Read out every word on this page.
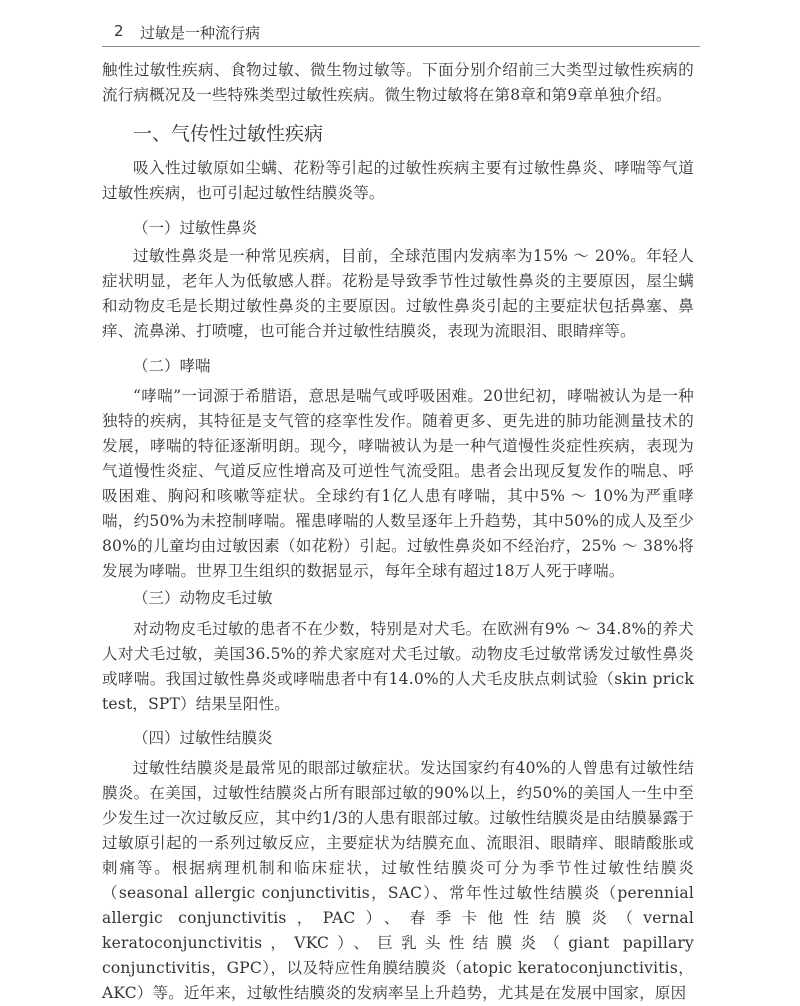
2 过敏是一种流行病

触性过敏性疾病、食物过敏、微生物过敏等。下面分别介绍前三大类型过敏性疾病的流行病概况及一些特殊类型过敏性疾病。微生物过敏将在第8章和第9章单独介绍。

一、气传性过敏性疾病

吸入性过敏原如尘螨、花粉等引起的过敏性疾病主要有过敏性鼻炎、哮喘等气道过敏性疾病，也可引起过敏性结膜炎等。

（一）过敏性鼻炎

过敏性鼻炎是一种常见疾病，目前，全球范围内发病率为15% ～ 20%。年轻人症状明显，老年人为低敏感人群。花粉是导致季节性过敏性鼻炎的主要原因，屋尘螨和动物皮毛是长期过敏性鼻炎的主要原因。过敏性鼻炎引起的主要症状包括鼻塞、鼻痒、流鼻涕、打喷嚏，也可能合并过敏性结膜炎，表现为流眼泪、眼睛痒等。

（二）哮喘

“哮喘”一词源于希腊语，意思是喘气或呼吸困难。20世纪初，哮喘被认为是一种独特的疾病，其特征是支气管的痉挛性发作。随着更多、更先进的肺功能测量技术的发展，哮喘的特征逐渐明朗。现今，哮喘被认为是一种气道慢性炎症性疾病，表现为气道慢性炎症、气道反应性增高及可逆性气流受阻。患者会出现反复发作的喘息、呼吸困难、胸闷和咳嗽等症状。全球约有1亿人患有哮喘，其中5% ～ 10%为严重哮喘，约50%为未控制哮喘。罹患哮喘的人数呈逐年上升趋势，其中50%的成人及至少80%的儿童均由过敏因素（如花粉）引起。过敏性鼻炎如不经治疗，25% ～ 38%将发展为哮喘。世界卫生组织的数据显示，每年全球有超过18万人死于哮喘。

（三）动物皮毛过敏

对动物皮毛过敏的患者不在少数，特别是对犬毛。在欧洲有9% ～ 34.8%的养犬人对犬毛过敏，美国36.5%的养犬家庭对犬毛过敏。动物皮毛过敏常诱发过敏性鼻炎或哮喘。我国过敏性鼻炎或哮喘患者中有14.0%的人犬毛皮肤点刺试验（skin prick test，SPT）结果呈阳性。

（四）过敏性结膜炎

过敏性结膜炎是最常见的眼部过敏症状。发达国家约有40%的人曾患有过敏性结膜炎。在美国，过敏性结膜炎占所有眼部过敏的90%以上，约50%的美国人一生中至少发生过一次过敏反应，其中约1/3的人患有眼部过敏。过敏性结膜炎是由结膜暴露于过敏原引起的一系列过敏反应，主要症状为结膜充血、流眼泪、眼睛痒、眼睛酸胀或刺痛等。根据病理机制和临床症状，过敏性结膜炎可分为季节性过敏性结膜炎（seasonal allergic conjunctivitis，SAC）、常年性过敏性结膜炎（perennial allergic conjunctivitis，PAC）、春季卡他性结膜炎（vernal keratoconjunctivitis，VKC）、巨乳头性结膜炎（giant papillary conjunctivitis，GPC），以及特应性角膜结膜炎（atopic keratoconjunctivitis，AKC）等。近年来，过敏性结膜炎的发病率呈上升趋势，尤其是在发展中国家，原因
